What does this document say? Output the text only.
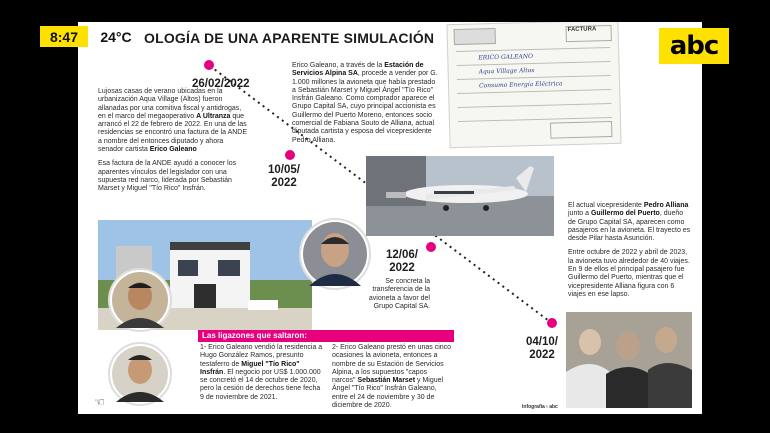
OLOGÍA DE UNA APARENTE SIMULACIÓN
26/02/2022
10/05/
2022
12/06/
2022
04/10/
2022
Lujosas casas de verano ubicadas en la urbanización Aqua Village (Altos) fueron allanadas por una comitiva fiscal y antidrogas, en el marco del megaoperativo A Ultranza que arrancó el 22 de febrero de 2022. En una de las residencias se encontró una factura de la ANDE a nombre del entonces diputado y ahora senador cartista Erico Galeano
Esa factura de la ANDE ayudó a conocer los aparentes vínculos del legislador con una supuesta red narco, liderada por Sebastián Marset y Miguel "Tío Rico" Insfrán.
Erico Galeano, a través de la Estación de Servicios Alpina SA, procede a vender por G. 1.000 millones la avioneta que había prestado a Sebastián Marset y Miguel Ángel "Tío Rico" Insfrán Galeano. Como comprador aparece el Grupo Capital SA, cuyo principal accionista es Guillermo del Puerto Moreno, entonces socio comercial de Fabiana Souto de Alliana, actual diputada cartista y esposa del vicepresidente Pedro Alliana.
FACTURA
ERICO GALEANO
Aqua Village Altos
Consumo Energía Eléctrica
Se concreta la transferencia de la avioneta a favor del Grupo Capital SA.
El actual vicepresidente Pedro Alliana junto a Guillermo del Puerto, dueño de Grupo Capital SA, aparecen como pasajeros en la avioneta. El trayecto es desde Pilar hasta Asunción.
Entre octubre de 2022 y abril de 2023, la avioneta tuvo alrededor de 40 viajes. En 9 de ellos el principal pasajero fue Guillermo del Puerto, mientras que el vicepresidente Alliana figura con 6 viajes en ese lapso.
Las ligazones que saltaron:
1- Erico Galeano vendió la residencia a Hugo González Ramos, presunto testaferro de Miguel "Tío Rico" Insfrán. El negocio por US$ 1.000.000 se concretó el 14 de octubre de 2020, pero la cesión de derechos tiene fecha 9 de noviembre de 2021.
2- Erico Galeano prestó en unas cinco ocasiones la avioneta, entonces a nombre de su Estación de Servicios Alpina, a los supuestos "capos narcos" Sebastián Marset y Miguel Ángel "Tío Rico" Insfrán Galeano, entre el 24 de noviembre y 30 de diciembre de 2020.	Infografía ‹ abc
8:47	24°C	abc
☜
